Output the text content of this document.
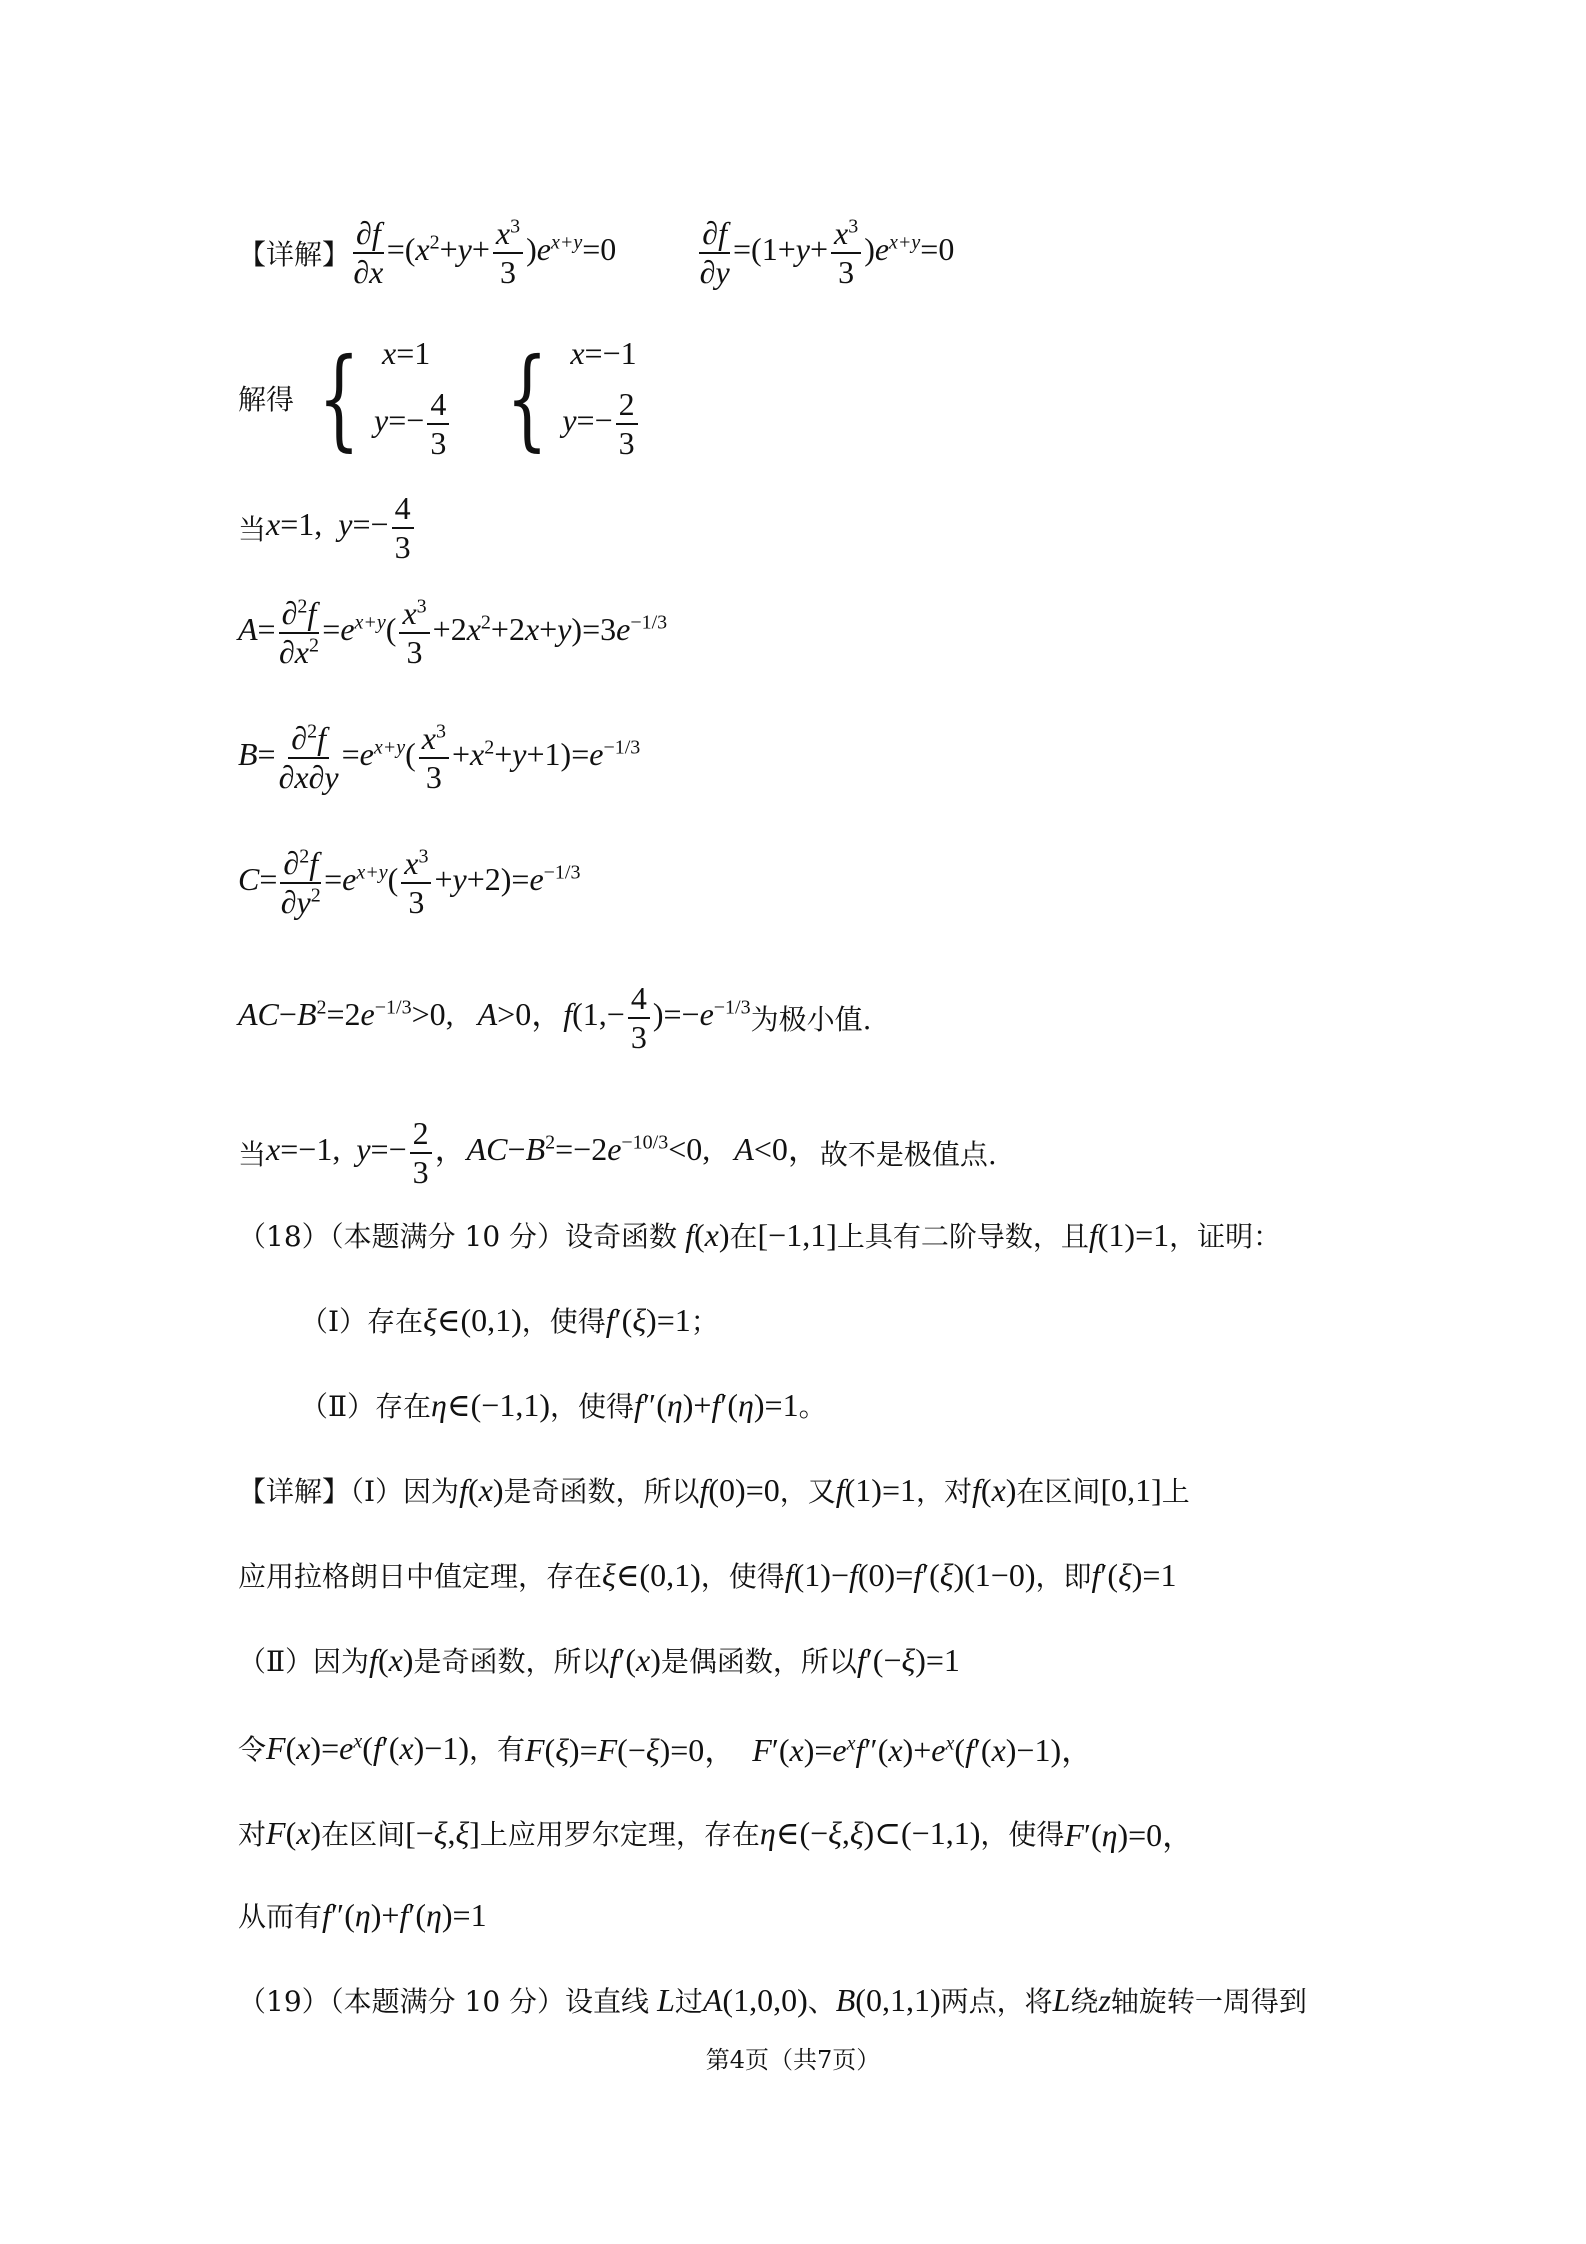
【详解】 $\frac{\partial f}{\partial x} =(x^2+y+ \frac{x^3}{3} )e^{x+y}=0$	$\frac{\partial f}{\partial y} =(1+y+ \frac{x^3}{3} )e^{x+y}=0$
解得 { x=1
$y=- \frac{4}{3}$ { x=−1
$y=- \frac{2}{3}$
当 x=1,  $y=- \frac{4}{3}$
$A= \frac{\partial^2f}{\partial x^2} =e^{x+y}( \frac{x^3}{3} +2x^2+2x+y)=3e^{-1/3}$
$B= \frac{\partial^2f}{\partial x\partial y} =e^{x+y}( \frac{x^3}{3} +x^2+y+1)=e^{-1/3}$
$C= \frac{\partial^2f}{\partial y^2} =e^{x+y}( \frac{x^3}{3} +y+2)=e^{-1/3}$
$AC-B^2=2e^{-1/3}>0$,   A>0，$f(1,- \frac{4}{3} )=-e^{-1/3}$ 为极小值.
当 x=−1,  $y=- \frac{2}{3}$ ，$AC-B^2=-2e^{-10/3}<0$,   A<0， 故不是极值点.
（18）（本题满分 10 分）设奇函数 f (x) 在 [−1,1] 上具有二阶导数，且 f(1)=1 ，证明：
（Ⅰ）存在 ξ∈(0,1) ，使得 f′(ξ)=1 ；
（Ⅱ）存在 η∈(−1,1) ，使得 f″(η)+f′(η)=1 。
【详解】（Ⅰ）因为 f(x) 是奇函数，所以 f(0)=0 ，又 f(1)=1 ，对 f(x) 在区间 [0,1] 上
应用拉格朗日中值定理，存在 ξ∈(0,1) ，使得 f(1)−f(0)=f′(ξ)(1−0) ，即 f′(ξ)=1
（Ⅱ）因为 f(x) 是奇函数，所以 f′(x) 是偶函数，所以 f′(−ξ)=1
令 $F(x)=e^x(f'(x)-1)$ ，有 F(ξ)=F(−ξ)=0，  $F'(x)=e^xf''(x)+e^x(f'(x)-1)$，
对 F(x) 在区间 [−ξ,ξ] 上应用罗尔定理，存在 η∈(−ξ,ξ)⊂(−1,1) ，使得 F′(η)=0，
从而有 f″(η)+f′(η)=1
（19）（本题满分 10 分）设直线 L 过 A(1,0,0) 、 B(0,1,1) 两点，将 L 绕 z 轴旋转一周得到
第4页（共7页）
